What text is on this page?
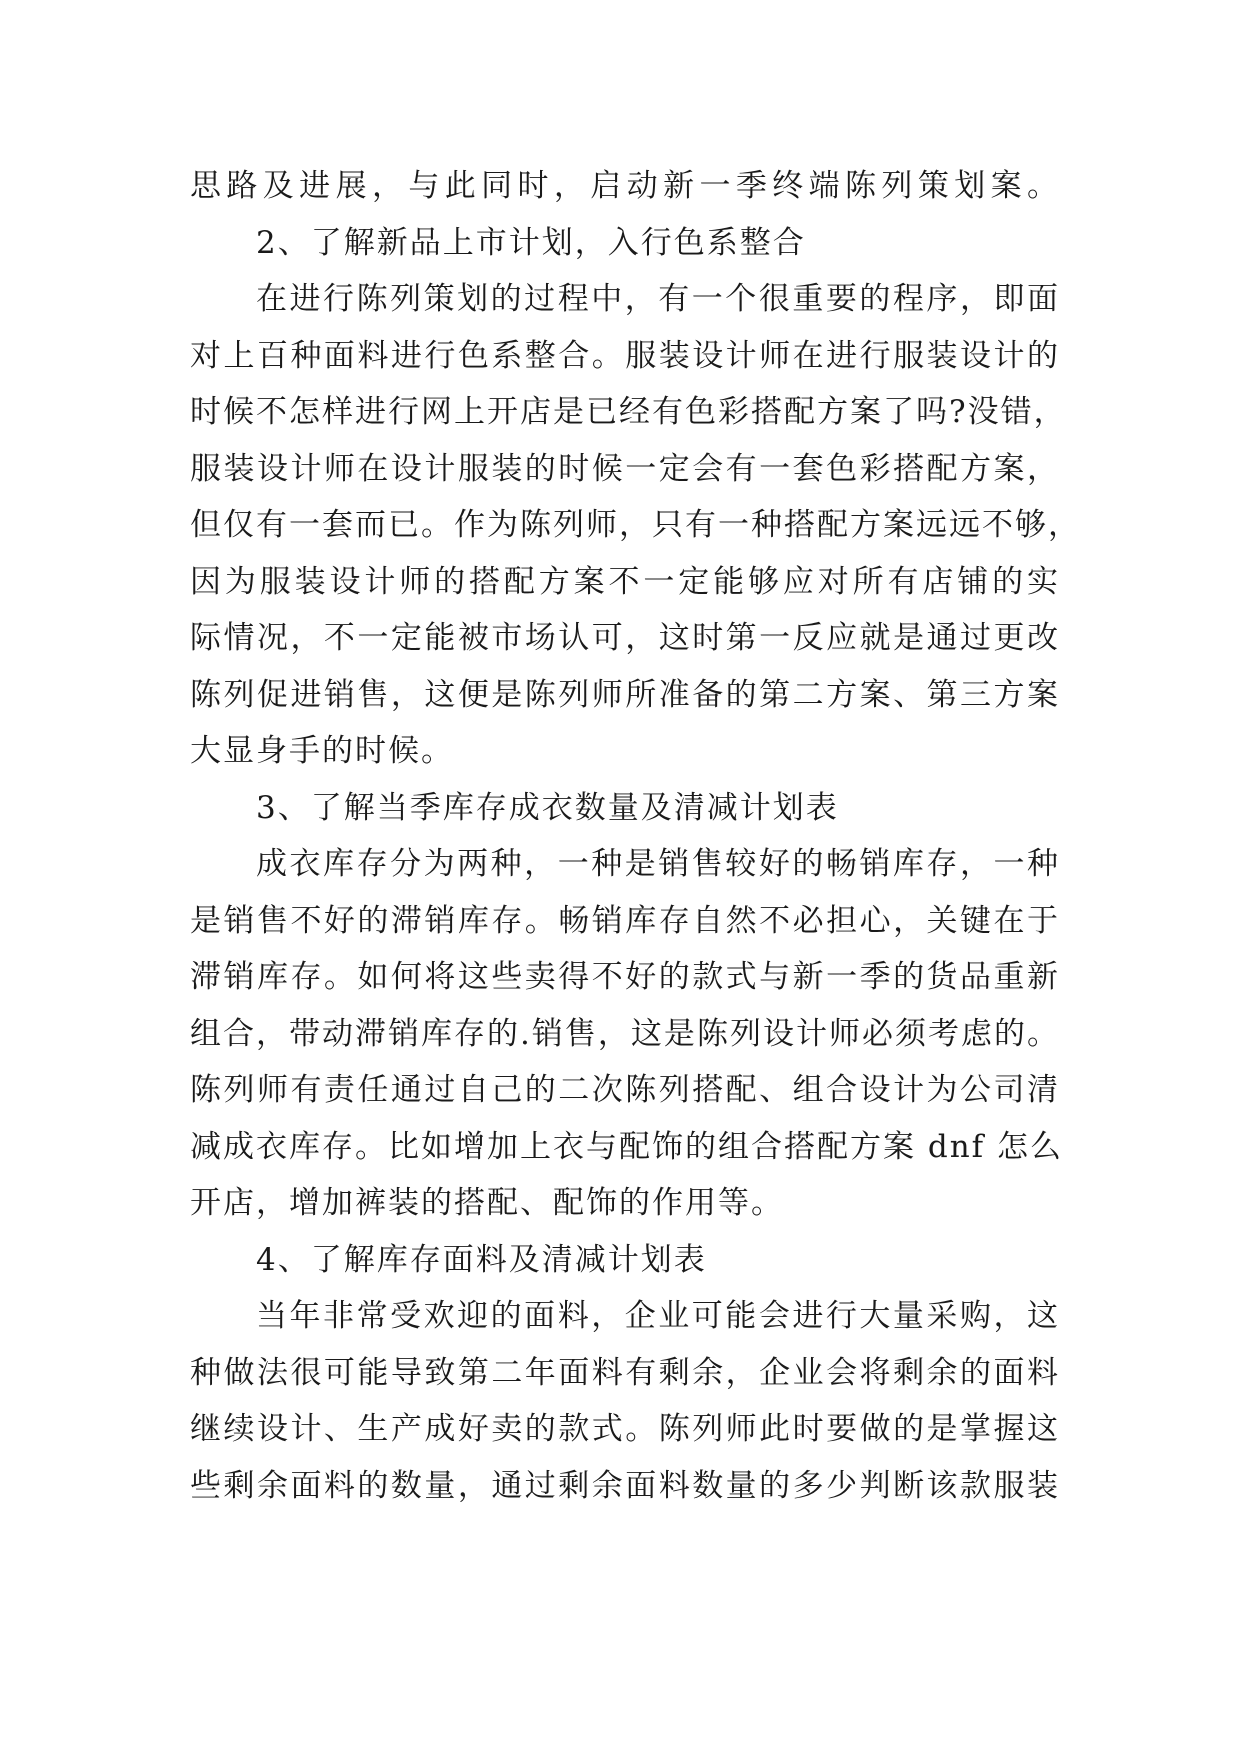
思路及进展，与此同时，启动新一季终端陈列策划案。
2、了解新品上市计划，入行色系整合
在进行陈列策划的过程中，有一个很重要的程序，即面
对上百种面料进行色系整合。服装设计师在进行服装设计的
时候不怎样进行网上开店是已经有色彩搭配方案了吗?没错，
服装设计师在设计服装的时候一定会有一套色彩搭配方案，
但仅有一套而已。作为陈列师，只有一种搭配方案远远不够，
因为服装设计师的搭配方案不一定能够应对所有店铺的实
际情况，不一定能被市场认可，这时第一反应就是通过更改
陈列促进销售，这便是陈列师所准备的第二方案、第三方案
大显身手的时候。
3、了解当季库存成衣数量及清减计划表
成衣库存分为两种，一种是销售较好的畅销库存，一种
是销售不好的滞销库存。畅销库存自然不必担心，关键在于
滞销库存。如何将这些卖得不好的款式与新一季的货品重新
组合，带动滞销库存的.销售，这是陈列设计师必须考虑的。
陈列师有责任通过自己的二次陈列搭配、组合设计为公司清
减成衣库存。比如增加上衣与配饰的组合搭配方案 dnf 怎么
开店，增加裤装的搭配、配饰的作用等。
4、了解库存面料及清减计划表
当年非常受欢迎的面料，企业可能会进行大量采购，这
种做法很可能导致第二年面料有剩余，企业会将剩余的面料
继续设计、生产成好卖的款式。陈列师此时要做的是掌握这
些剩余面料的数量，通过剩余面料数量的多少判断该款服装
